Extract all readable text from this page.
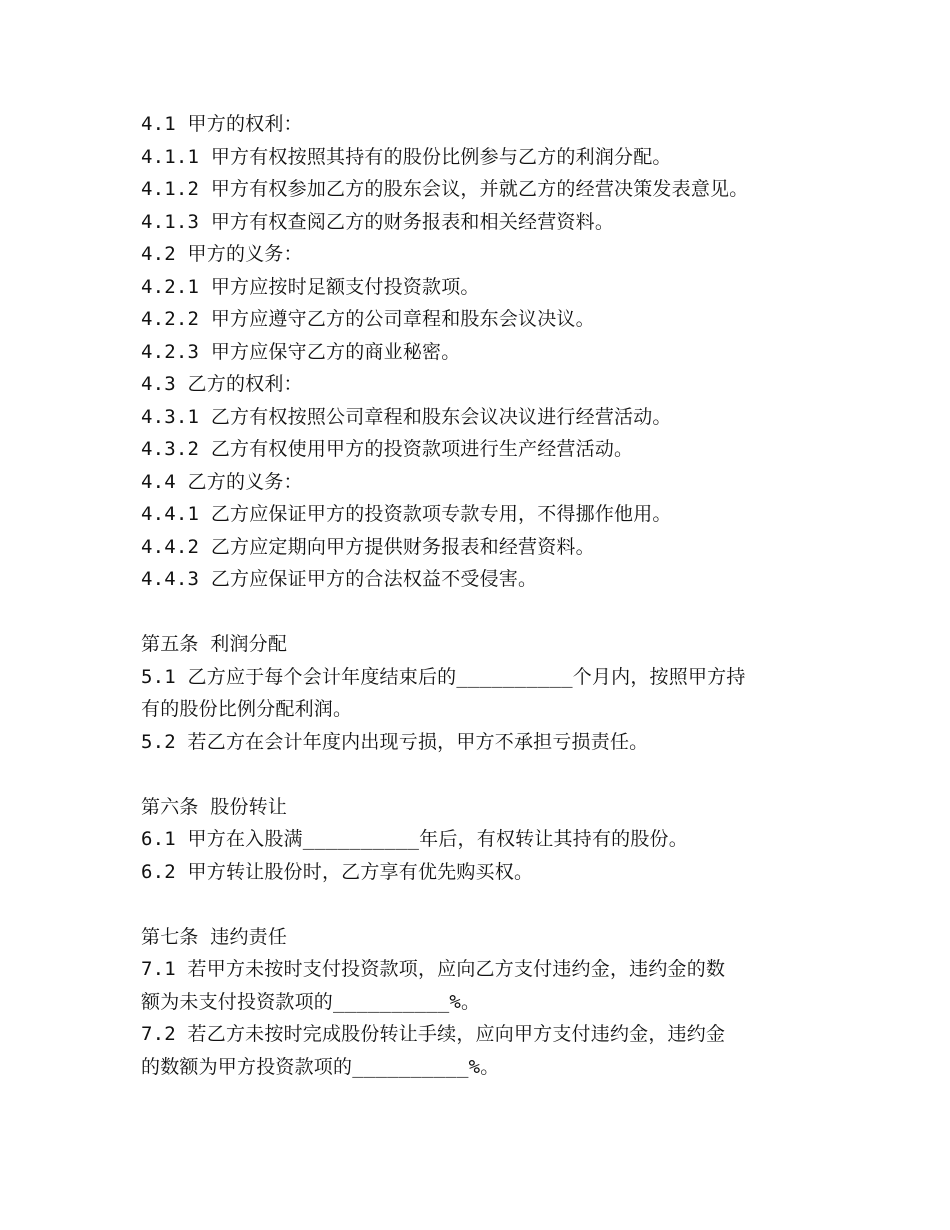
4.1 甲方的权利：
4.1.1 甲方有权按照其持有的股份比例参与乙方的利润分配。
4.1.2 甲方有权参加乙方的股东会议，并就乙方的经营决策发表意见。
4.1.3 甲方有权查阅乙方的财务报表和相关经营资料。
4.2 甲方的义务：
4.2.1 甲方应按时足额支付投资款项。
4.2.2 甲方应遵守乙方的公司章程和股东会议决议。
4.2.3 甲方应保守乙方的商业秘密。
4.3 乙方的权利：
4.3.1 乙方有权按照公司章程和股东会议决议进行经营活动。
4.3.2 乙方有权使用甲方的投资款项进行生产经营活动。
4.4 乙方的义务：
4.4.1 乙方应保证甲方的投资款项专款专用，不得挪作他用。
4.4.2 乙方应定期向甲方提供财务报表和经营资料。
4.4.3 乙方应保证甲方的合法权益不受侵害。
第五条 利润分配
5.1 乙方应于每个会计年度结束后的__________个月内，按照甲方持
有的股份比例分配利润。
5.2 若乙方在会计年度内出现亏损，甲方不承担亏损责任。
第六条 股份转让
6.1 甲方在入股满__________年后，有权转让其持有的股份。
6.2 甲方转让股份时，乙方享有优先购买权。
第七条 违约责任
7.1 若甲方未按时支付投资款项，应向乙方支付违约金，违约金的数
额为未支付投资款项的__________%。
7.2 若乙方未按时完成股份转让手续，应向甲方支付违约金，违约金
的数额为甲方投资款项的__________%。
